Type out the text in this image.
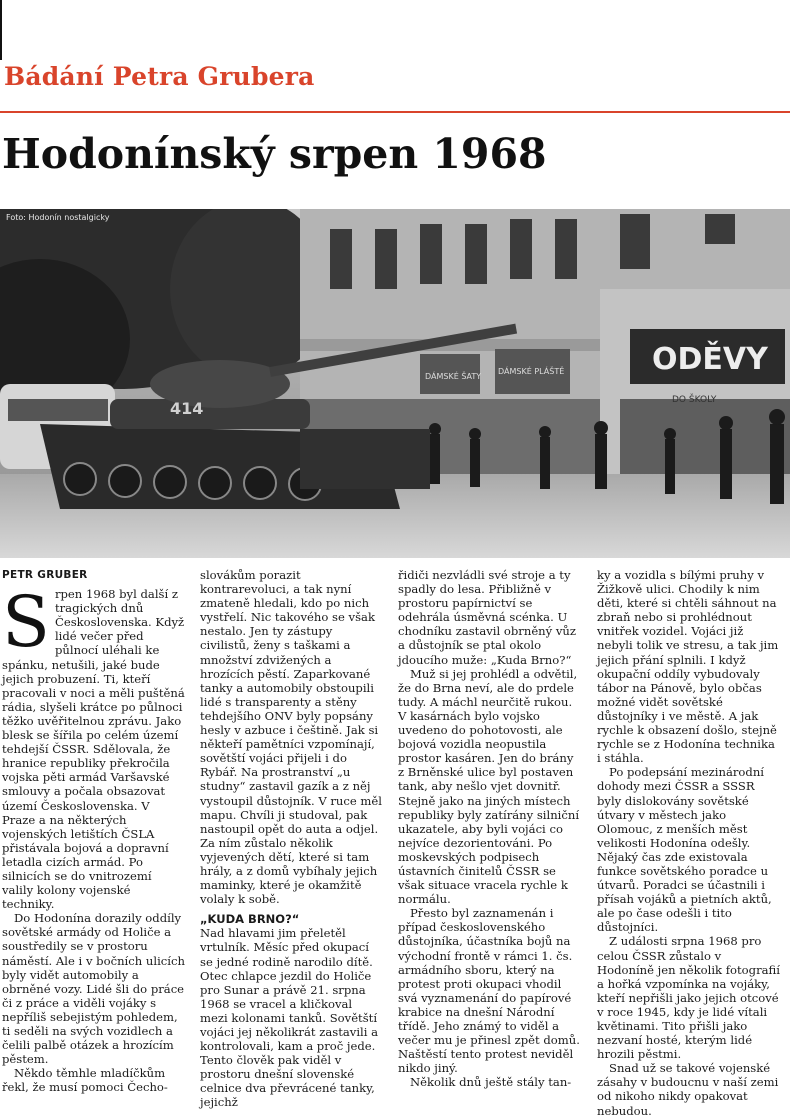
Bádání Petra Grubera
Hodonínský srpen 1968
ODĚVY
DO ŠKOLY
DÁMSKÉ ŠATY
DÁMSKÉ PLÁŠTĚ
414
Foto: Hodonín nostalgicky

PETR GRUBER

Srpen 1968 byl další z tragických dnů Československa. Když lidé večer před půlnocí uléhali ke spánku, netušili, jaké bude jejich probuzení. Ti, kteří pracovali v noci a měli puštěná rádia, slyšeli krátce po půlnoci těžko uvěřitelnou zprávu. Jako blesk se šířila po celém území tehdejší ČSSR. Sdělovala, že hranice republiky překročila vojska pěti armád Varšavské smlouvy a počala obsazovat území Československa. V Praze a na některých vojenských letištích ČSLA přistávala bojová a dopravní letadla cizích armád. Po silnicích se do vnitrozemí valily kolony vojenské techniky.

Do Hodonína dorazily oddíly sovětské armády od Holiče a soustředily se v prostoru náměstí. Ale i v bočních ulicích byly vidět automobily a obrněné vozy. Lidé šli do práce či z práce a viděli vojáky s nepříliš sebejistým pohledem, ti seděli na svých vozidlech a čelili palbě otázek a hrozícím pěstem.

Někdo těmhle mladíčkům řekl, že musí pomoci Čecho-

slovákům porazit kontrarevoluci, a tak nyní zmateně hledali, kdo po nich vystřelí. Nic takového se však nestalo. Jen ty zástupy civilistů, ženy s taškami a množství zdvižených a hrozících pěstí. Zaparkované tanky a automobily obstoupili lidé s transparenty a stěny tehdejšího ONV byly popsány hesly v azbuce i češtině. Jak si někteří pamětníci vzpomínají, sovětští vojáci přijeli i do Rybář. Na prostranství „u studny“ zastavil gazík a z něj vystoupil důstojník. V ruce měl mapu. Chvíli ji studoval, pak nastoupil opět do auta a odjel. Za ním zůstalo několik vyjevených dětí, které si tam hrály, a z domů vybíhaly jejich maminky, které je okamžitě volaly k sobě.

„KUDA BRNO?“

Nad hlavami jim přeletěl vrtulník. Měsíc před okupací se jedné rodině narodilo dítě. Otec chlapce jezdil do Holiče pro Sunar a právě 21. srpna 1968 se vracel a kličkoval mezi kolonami tanků. Sovětští vojáci jej několikrát zastavili a kontrolovali, kam a proč jede. Tento člověk pak viděl v prostoru dnešní slovenské celnice dva převrácené tanky, jejichž

řidiči nezvládli své stroje a ty spadly do lesa. Přibližně v prostoru papírnictví se odehrála úsměvná scénka. U chodníku zastavil obrněný vůz a důstojník se ptal okolo jdoucího muže: „Kuda Brno?“

Muž si jej prohlédl a odvětil, že do Brna neví, ale do prdele tudy. A máchl neurčitě rukou. V kasárnách bylo vojsko uvedeno do pohotovosti, ale bojová vozidla neopustila prostor kasáren. Jen do brány z Brněnské ulice byl postaven tank, aby nešlo vjet dovnitř. Stejně jako na jiných místech republiky byly zatírány silniční ukazatele, aby byli vojáci co nejvíce dezorientováni. Po moskevských podpisech ústavních činitelů ČSSR se však situace vracela rychle k normálu.

Přesto byl zaznamenán i případ československého důstojníka, účastníka bojů na východní frontě v rámci 1. čs. armádního sboru, který na protest proti okupaci vhodil svá vyznamenání do papírové krabice na dnešní Národní třídě. Jeho známý to viděl a večer mu je přinesl zpět domů. Naštěstí tento protest neviděl nikdo jiný.

Několik dnů ještě stály tan-

ky a vozidla s bílými pruhy v Žižkově ulici. Chodily k nim děti, které si chtěli sáhnout na zbraň nebo si prohlédnout vnitřek vozidel. Vojáci již nebyli tolik ve stresu, a tak jim jejich přání splnili. I když okupační oddíly vybudovaly tábor na Pánově, bylo občas možné vidět sovětské důstojníky i ve městě. A jak rychle k obsazení došlo, stejně rychle se z Hodonína technika i stáhla.

Po podepsání mezinárodní dohody mezi ČSSR a SSSR byly dislokovány sovětské útvary v městech jako Olomouc, z menších měst velikosti Hodonína odešly. Nějaký čas zde existovala funkce sovětského poradce u útvarů. Poradci se účastnili i přísah vojáků a pietních aktů, ale po čase odešli i tito důstojníci.

Z události srpna 1968 pro celou ČSSR zůstalo v Hodoníně jen několik fotografií a hořká vzpomínka na vojáky, kteří nepřišli jako jejich otcové v roce 1945, kdy je lidé vítali květinami. Tito přišli jako nezvaní hosté, kterým lidé hrozili pěstmi.

Snad už se takové vojenské zásahy v budoucnu v naší zemi od nikoho nikdy opakovat nebudou.
